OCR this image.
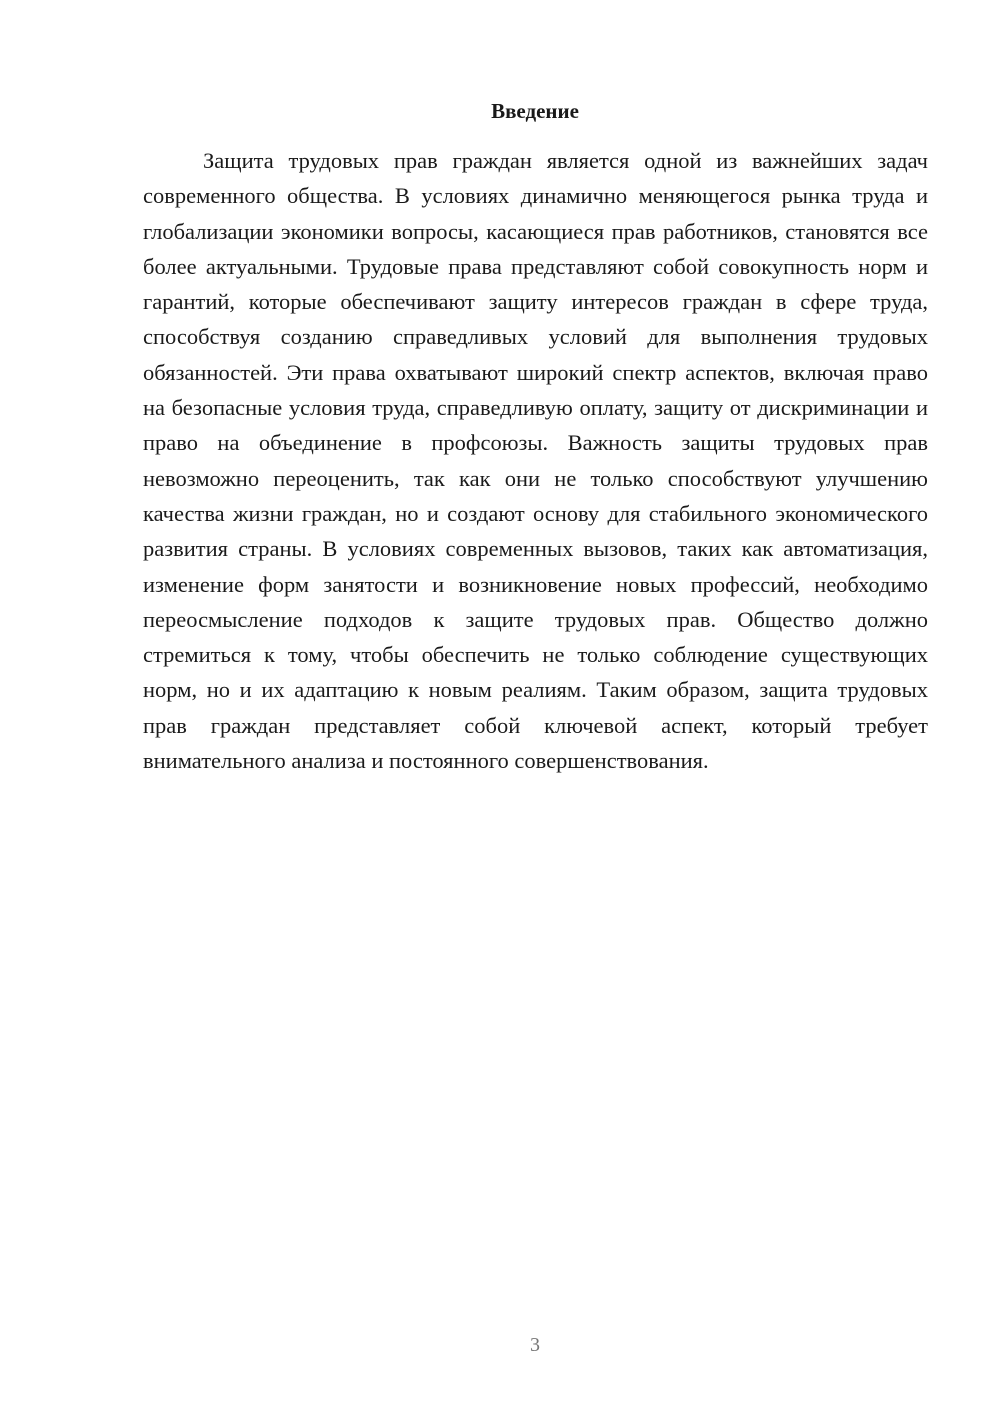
Введение

Защита трудовых прав граждан является одной из важнейших задач современного общества. В условиях динамично меняющегося рынка труда и глобализации экономики вопросы, касающиеся прав работников, становятся все более актуальными. Трудовые права представляют собой совокупность норм и гарантий, которые обеспечивают защиту интересов граждан в сфере труда, способствуя созданию справедливых условий для выполнения трудовых обязанностей. Эти права охватывают широкий спектр аспектов, включая право на безопасные условия труда, справедливую оплату, защиту от дискриминации и право на объединение в профсоюзы. Важность защиты трудовых прав невозможно переоценить, так как они не только способствуют улучшению качества жизни граждан, но и создают основу для стабильного экономического развития страны. В условиях современных вызовов, таких как автоматизация, изменение форм занятости и возникновение новых профессий, необходимо переосмысление подходов к защите трудовых прав. Общество должно стремиться к тому, чтобы обеспечить не только соблюдение существующих норм, но и их адаптацию к новым реалиям. Таким образом, защита трудовых прав граждан представляет собой ключевой аспект, который требует внимательного анализа и постоянного совершенствования.

3
